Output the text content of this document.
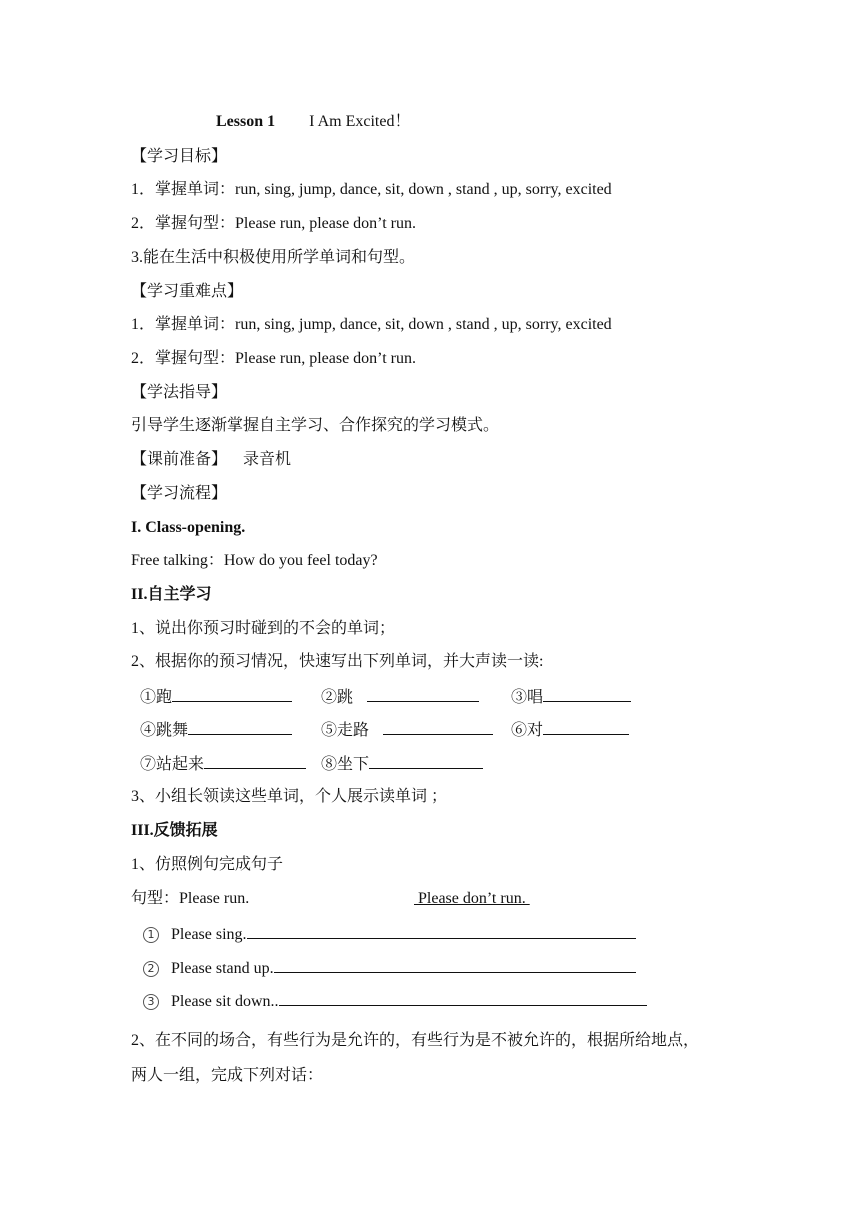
Lesson 1 I Am Excited！
【学习目标】
1．掌握单词：run, sing, jump, dance, sit, down , stand , up, sorry, excited
2．掌握句型：Please run, please don’t run.
3.能在生活中积极使用所学单词和句型。
【学习重难点】
1．掌握单词：run, sing, jump, dance, sit, down , stand , up, sorry, excited
2．掌握句型：Please run, please don’t run.
【学法指导】
引导学生逐渐掌握自主学习、合作探究的学习模式。
【课前准备】    录音机
【学习流程】
I. Class-opening.
Free talking：How do you feel today?
II.自主学习
1、说出你预习时碰到的不会的单词；
2、根据你的预习情况，快速写出下列单词，并大声读一读:
①跑	②跳	③唱
④跳舞	⑤走路	⑥对
⑦站起来	⑧坐下
3、小组长领读这些单词，个人展示读单词 ；
III.反馈拓展
1、仿照例句完成句子
句型：Please run.	Please don’t run.
1 Please sing.
2 Please stand up.
3 Please sit down..
2、在不同的场合，有些行为是允许的，有些行为是不被允许的，根据所给地点，
两人一组，完成下列对话：
